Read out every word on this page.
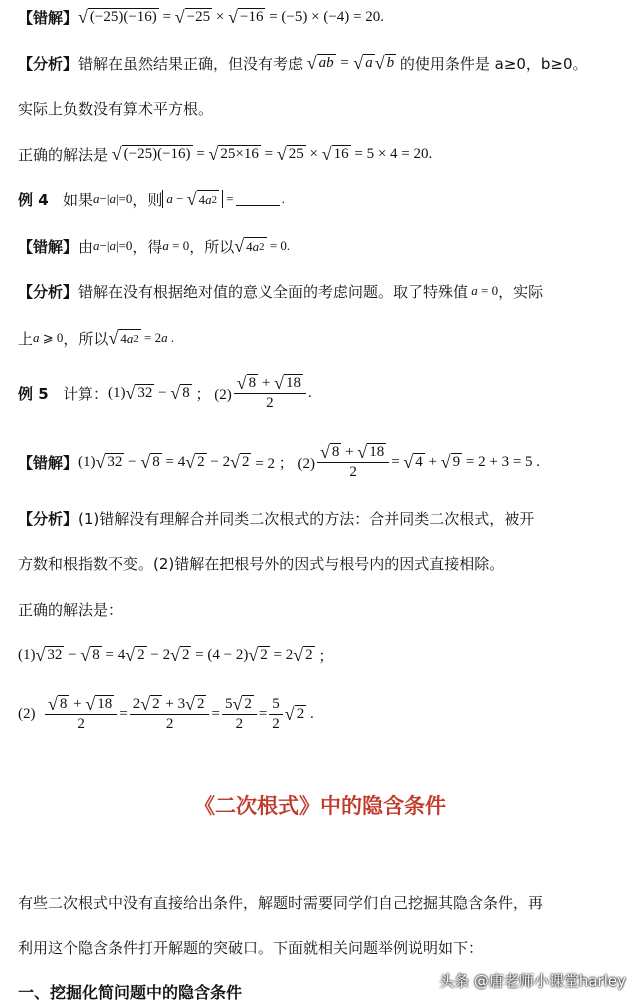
【错解】 √ (−25)(−16) = √ −25 × √ −16 = (−5) × (−4) = 20.
【分析】 错解在虽然结果正确，但没有考虑
√ ab = √ a √ b
的使用条件是 a≥0，b≥0。
实际上负数没有算术平方根。
正确的解法是
√ (−25)(−16) = √ 25×16 = √ 25 × √ 16 = 5 × 4 = 20.
例 4
如果 a −| a |=0 ，则 a − √ 4 a 2 =	.
【错解】 由 a −| a |=0 ，得 a = 0 ，所以 √ 4 a 2 = 0.
【分析】 错解在没有根据绝对值的意义全面的考虑问题。取了特殊值
a = 0 ，实际
上 a ⩾ 0 ，所以 √ 4 a 2 = 2 a .
例 5
计算： (1) √ 32 − √ 8 ； $(2) \frac{√ 8 + √ 18}{2}$ .
【错解】 (1) √ 32 − √ 8 = 4 √ 2 − 2 √ 2 = 2 ； $(2) \frac{√ 8 + √ 18}{2}$ = √ 4 + √ 9 = 2 + 3 = 5 .
【分析】 (1)错解没有理解合并同类二次根式的方法：合并同类二次根式，被开
方数和根指数不变。(2)错解在把根号外的因式与根号内的因式直接相除。
正确的解法是：
(1) √ 32 − √ 8 = 4 √ 2 − 2 √ 2 = (4 − 2) √ 2 = 2 √ 2 ；
$(2) \frac{√ 8 + √ 18}{2} = \frac{2 √ 2 + 3 √ 2}{2} = \frac{5 √ 2}{2} = \frac{5}{2}$ √ 2 .
《二次根式》中的隐含条件
有些二次根式中没有直接给出条件，解题时需要同学们自己挖掘其隐含条件，再
利用这个隐含条件打开解题的突破口。下面就相关问题举例说明如下：
一、挖掘化简问题中的隐含条件
头条 @唐老师小课堂harley
